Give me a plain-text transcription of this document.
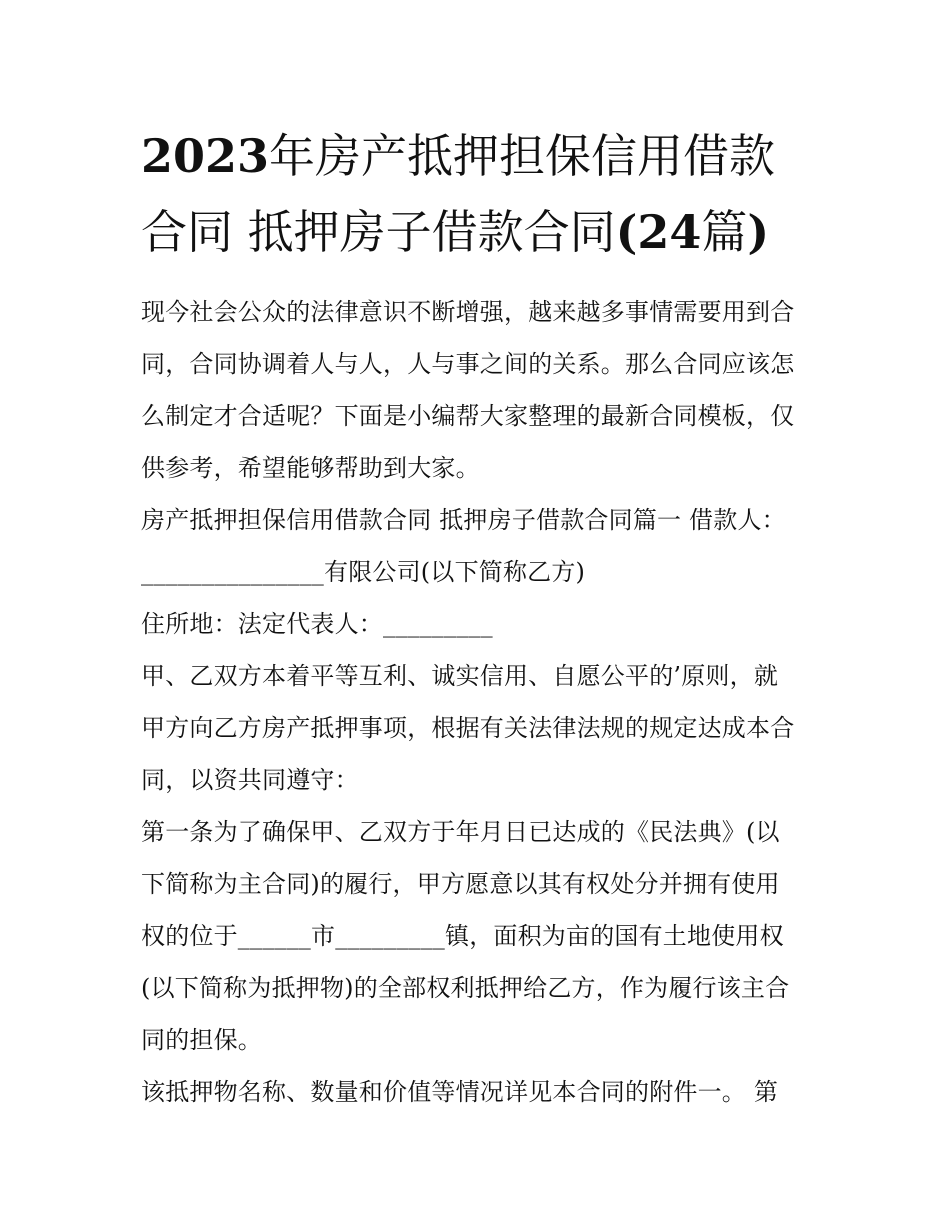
2023年房产抵押担保信用借款
合同 抵押房子借款合同(24篇)
现今社会公众的法律意识不断增强，越来越多事情需要用到合
同，合同协调着人与人，人与事之间的关系。那么合同应该怎
么制定才合适呢？下面是小编帮大家整理的最新合同模板，仅
供参考，希望能够帮助到大家。
房产抵押担保信用借款合同 抵押房子借款合同篇一 借款人：
_______________有限公司(以下简称乙方)
住所地：法定代表人：_________
甲、乙双方本着平等互利、诚实信用、自愿公平的’原则，就
甲方向乙方房产抵押事项，根据有关法律法规的规定达成本合
同，以资共同遵守：
第一条为了确保甲、乙双方于年月日已达成的《民法典》(以
下简称为主合同)的履行，甲方愿意以其有权处分并拥有使用
权的位于______市_________镇，面积为亩的国有土地使用权
(以下简称为抵押物)的全部权利抵押给乙方，作为履行该主合
同的担保。
该抵押物名称、数量和价值等情况详见本合同的附件一。 第
